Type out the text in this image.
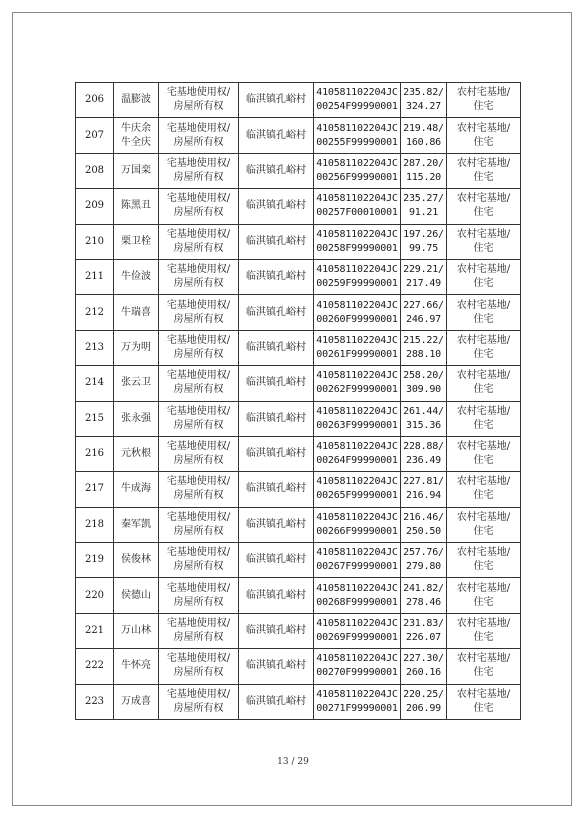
206	温膨波	宅基地使用权/
房屋所有权	临淇镇孔峪村	410581102204JC
00254F99990001	235.82/
324.27	农村宅基地/
住宅
207	牛庆余
牛全庆	宅基地使用权/
房屋所有权	临淇镇孔峪村	410581102204JC
00255F99990001	219.48/
160.86	农村宅基地/
住宅
208	万国栾	宅基地使用权/
房屋所有权	临淇镇孔峪村	410581102204JC
00256F99990001	287.20/
115.20	农村宅基地/
住宅
209	陈黑丑	宅基地使用权/
房屋所有权	临淇镇孔峪村	410581102204JC
00257F00010001	235.27/
91.21	农村宅基地/
住宅
210	栗卫栓	宅基地使用权/
房屋所有权	临淇镇孔峪村	410581102204JC
00258F99990001	197.26/
99.75	农村宅基地/
住宅
211	牛俭波	宅基地使用权/
房屋所有权	临淇镇孔峪村	410581102204JC
00259F99990001	229.21/
217.49	农村宅基地/
住宅
212	牛瑞喜	宅基地使用权/
房屋所有权	临淇镇孔峪村	410581102204JC
00260F99990001	227.66/
246.97	农村宅基地/
住宅
213	万为明	宅基地使用权/
房屋所有权	临淇镇孔峪村	410581102204JC
00261F99990001	215.22/
288.10	农村宅基地/
住宅
214	张云卫	宅基地使用权/
房屋所有权	临淇镇孔峪村	410581102204JC
00262F99990001	258.20/
309.90	农村宅基地/
住宅
215	张永强	宅基地使用权/
房屋所有权	临淇镇孔峪村	410581102204JC
00263F99990001	261.44/
315.36	农村宅基地/
住宅
216	元秋根	宅基地使用权/
房屋所有权	临淇镇孔峪村	410581102204JC
00264F99990001	228.88/
236.49	农村宅基地/
住宅
217	牛成海	宅基地使用权/
房屋所有权	临淇镇孔峪村	410581102204JC
00265F99990001	227.81/
216.94	农村宅基地/
住宅
218	秦军凯	宅基地使用权/
房屋所有权	临淇镇孔峪村	410581102204JC
00266F99990001	216.46/
250.50	农村宅基地/
住宅
219	侯俊林	宅基地使用权/
房屋所有权	临淇镇孔峪村	410581102204JC
00267F99990001	257.76/
279.80	农村宅基地/
住宅
220	侯德山	宅基地使用权/
房屋所有权	临淇镇孔峪村	410581102204JC
00268F99990001	241.82/
278.46	农村宅基地/
住宅
221	万山林	宅基地使用权/
房屋所有权	临淇镇孔峪村	410581102204JC
00269F99990001	231.83/
226.07	农村宅基地/
住宅
222	牛怀亮	宅基地使用权/
房屋所有权	临淇镇孔峪村	410581102204JC
00270F99990001	227.30/
260.16	农村宅基地/
住宅
223	万成喜	宅基地使用权/
房屋所有权	临淇镇孔峪村	410581102204JC
00271F99990001	220.25/
206.99	农村宅基地/
住宅
13 / 29
